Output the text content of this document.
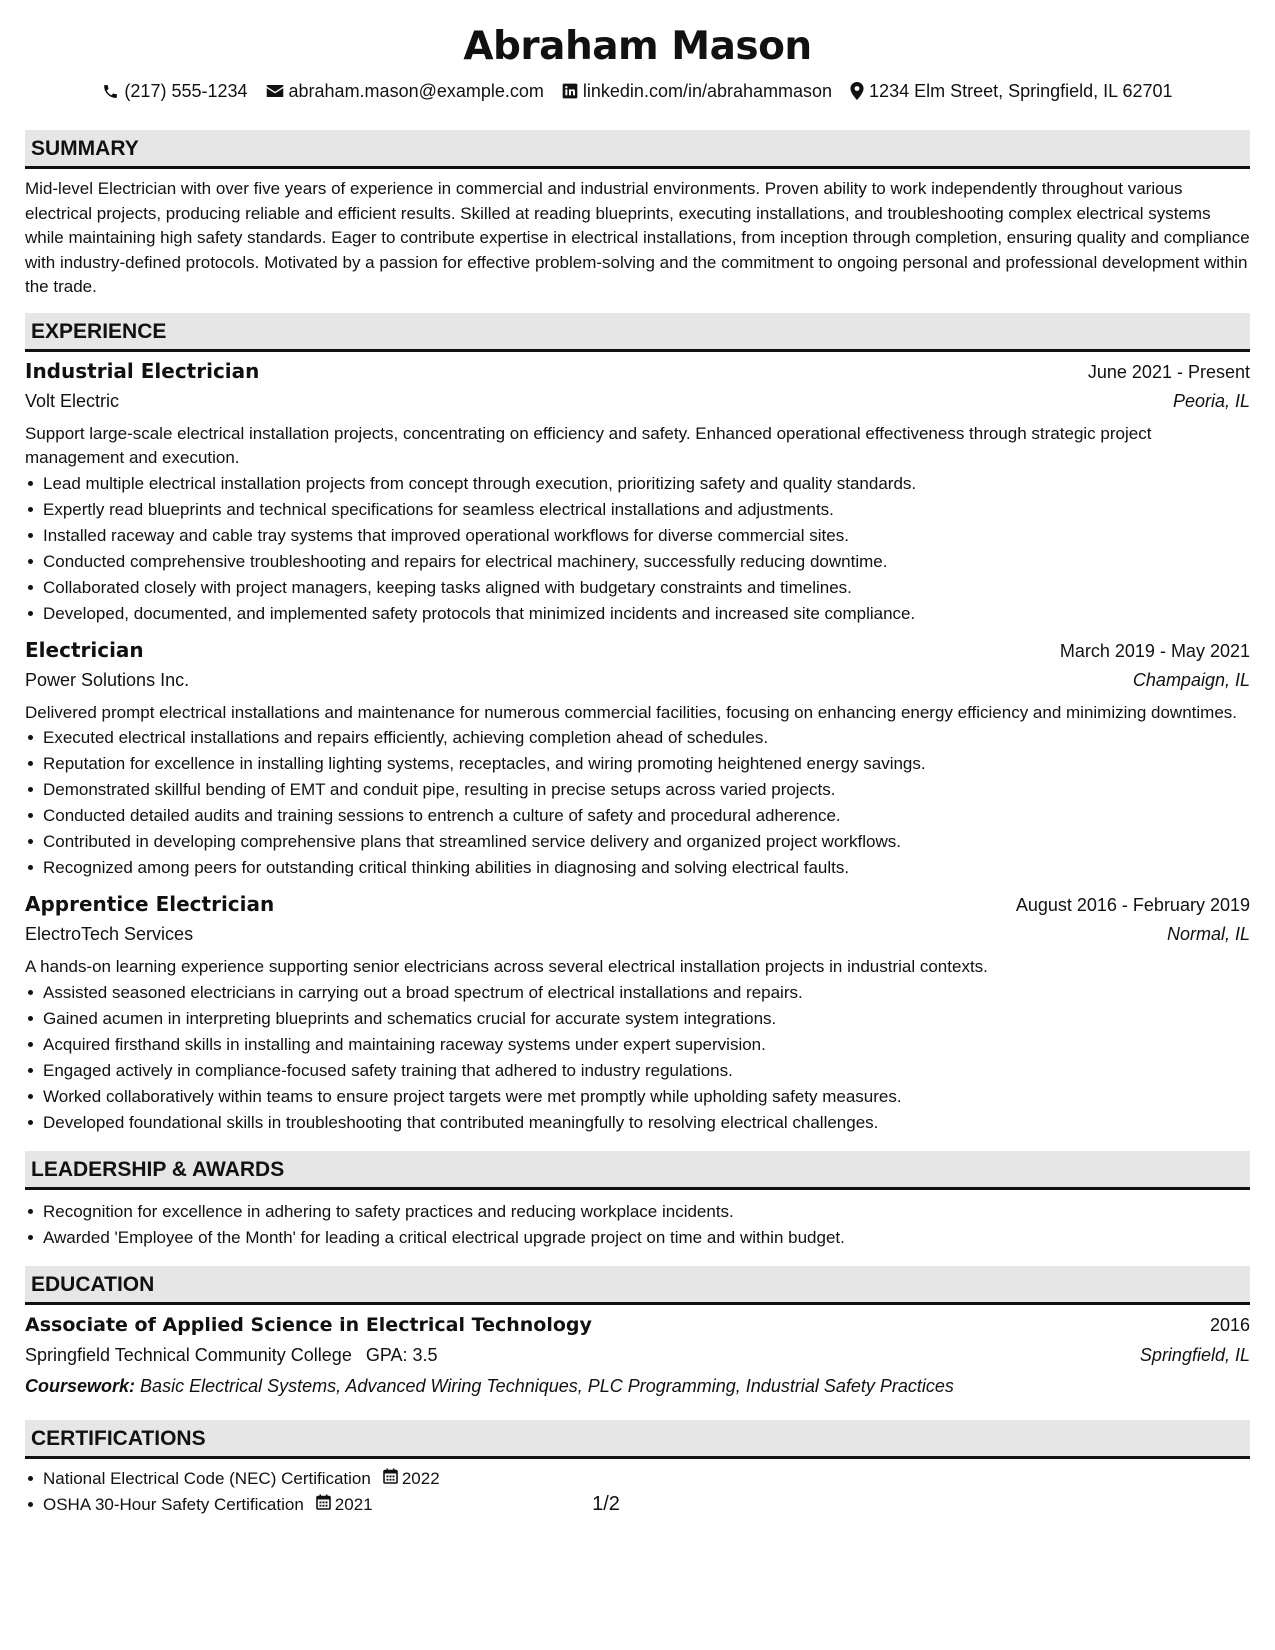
Abraham Mason
(217) 555-1234 abraham.mason@example.com linkedin.com/in/abrahammason 1234 Elm Street, Springfield, IL 62701
SUMMARY
Mid-level Electrician with over five years of experience in commercial and industrial environments. Proven ability to work independently throughout various electrical projects, producing reliable and efficient results. Skilled at reading blueprints, executing installations, and troubleshooting complex electrical systems while maintaining high safety standards. Eager to contribute expertise in electrical installations, from inception through completion, ensuring quality and compliance with industry-defined protocols. Motivated by a passion for effective problem-solving and the commitment to ongoing personal and professional development within the trade.
EXPERIENCE
Industrial Electrician	June 2021 - Present
Volt Electric	Peoria, IL
Support large-scale electrical installation projects, concentrating on efficiency and safety. Enhanced operational effectiveness through strategic project management and execution.
Lead multiple electrical installation projects from concept through execution, prioritizing safety and quality standards.
Expertly read blueprints and technical specifications for seamless electrical installations and adjustments.
Installed raceway and cable tray systems that improved operational workflows for diverse commercial sites.
Conducted comprehensive troubleshooting and repairs for electrical machinery, successfully reducing downtime.
Collaborated closely with project managers, keeping tasks aligned with budgetary constraints and timelines.
Developed, documented, and implemented safety protocols that minimized incidents and increased site compliance.
Electrician	March 2019 - May 2021
Power Solutions Inc.	Champaign, IL
Delivered prompt electrical installations and maintenance for numerous commercial facilities, focusing on enhancing energy efficiency and minimizing downtimes.
Executed electrical installations and repairs efficiently, achieving completion ahead of schedules.
Reputation for excellence in installing lighting systems, receptacles, and wiring promoting heightened energy savings.
Demonstrated skillful bending of EMT and conduit pipe, resulting in precise setups across varied projects.
Conducted detailed audits and training sessions to entrench a culture of safety and procedural adherence.
Contributed in developing comprehensive plans that streamlined service delivery and organized project workflows.
Recognized among peers for outstanding critical thinking abilities in diagnosing and solving electrical faults.
Apprentice Electrician	August 2016 - February 2019
ElectroTech Services	Normal, IL
A hands-on learning experience supporting senior electricians across several electrical installation projects in industrial contexts.
Assisted seasoned electricians in carrying out a broad spectrum of electrical installations and repairs.
Gained acumen in interpreting blueprints and schematics crucial for accurate system integrations.
Acquired firsthand skills in installing and maintaining raceway systems under expert supervision.
Engaged actively in compliance-focused safety training that adhered to industry regulations.
Worked collaboratively within teams to ensure project targets were met promptly while upholding safety measures.
Developed foundational skills in troubleshooting that contributed meaningfully to resolving electrical challenges.
LEADERSHIP & AWARDS
Recognition for excellence in adhering to safety practices and reducing workplace incidents.
Awarded 'Employee of the Month' for leading a critical electrical upgrade project on time and within budget.
EDUCATION
Associate of Applied Science in Electrical Technology	2016
Springfield Technical Community College GPA: 3.5	Springfield, IL
Coursework: Basic Electrical Systems, Advanced Wiring Techniques, PLC Programming, Industrial Safety Practices
CERTIFICATIONS
National Electrical Code (NEC) Certification 2022
OSHA 30-Hour Safety Certification 2021	1/2
